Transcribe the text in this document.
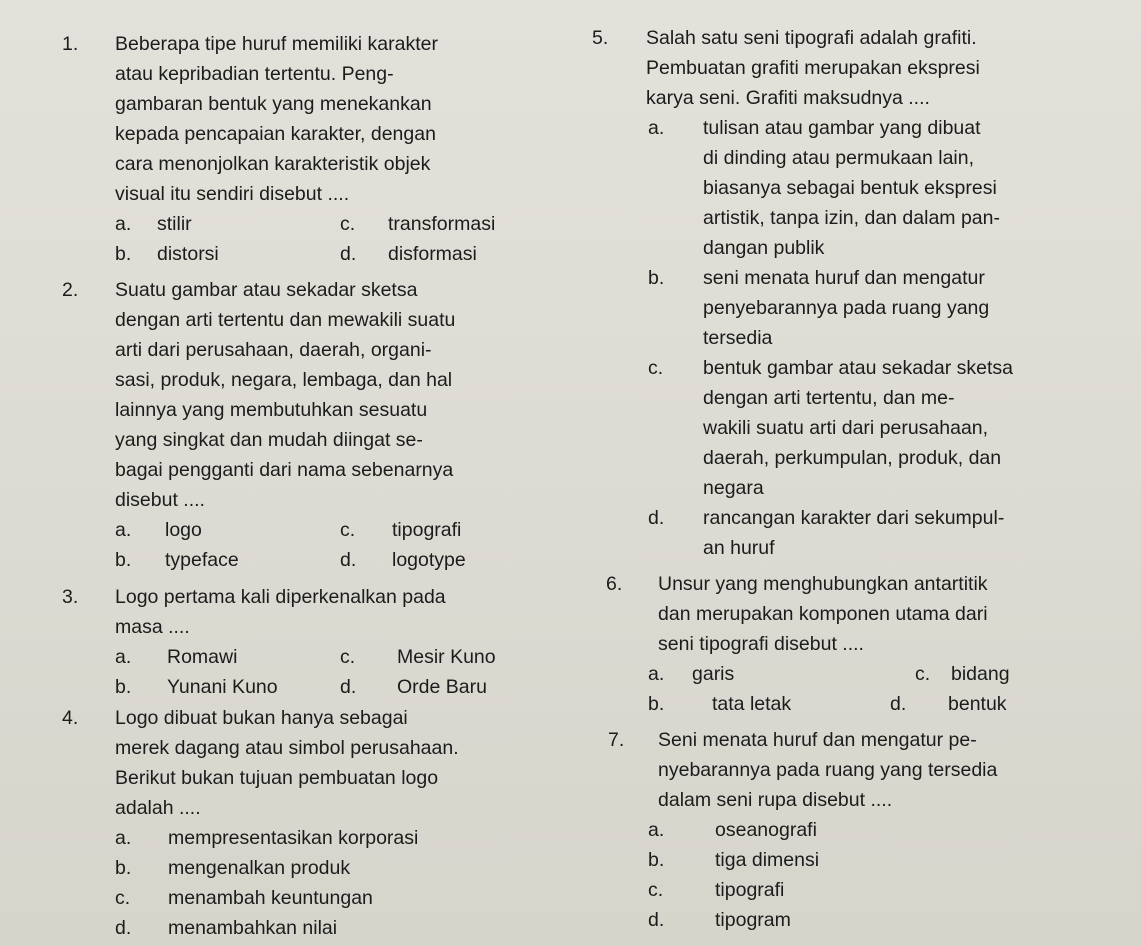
1. Beberapa tipe huruf memiliki karakter
atau kepribadian tertentu. Peng-
gambaran bentuk yang menekankan
kepada pencapaian karakter, dengan
cara menonjolkan karakteristik objek
visual itu sendiri disebut ....
a. stilir	c. transformasi
b. distorsi	d. disformasi
2. Suatu gambar atau sekadar sketsa
dengan arti tertentu dan mewakili suatu
arti dari perusahaan, daerah, organi-
sasi, produk, negara, lembaga, dan hal
lainnya yang membutuhkan sesuatu
yang singkat dan mudah diingat se-
bagai pengganti dari nama sebenarnya
disebut ....
a. logo	c. tipografi
b. typeface	d. logotype
3. Logo pertama kali diperkenalkan pada
masa ....
a. Romawi	c. Mesir Kuno
b. Yunani Kuno	d. Orde Baru
4. Logo dibuat bukan hanya sebagai
merek dagang atau simbol perusahaan.
Berikut bukan tujuan pembuatan logo
adalah ....
a. mempresentasikan korporasi
b. mengenalkan produk
c. menambah keuntungan
d. menambahkan nilai
5. Salah satu seni tipografi adalah grafiti.
Pembuatan grafiti merupakan ekspresi
karya seni. Grafiti maksudnya ....
a. tulisan atau gambar yang dibuat
di dinding atau permukaan lain,
biasanya sebagai bentuk ekspresi
artistik, tanpa izin, dan dalam pan-
dangan publik
b. seni menata huruf dan mengatur
penyebarannya pada ruang yang
tersedia
c. bentuk gambar atau sekadar sketsa
dengan arti tertentu, dan me-
wakili suatu arti dari perusahaan,
daerah, perkumpulan, produk, dan
negara
d. rancangan karakter dari sekumpul-
an huruf
6. Unsur yang menghubungkan antartitik
dan merupakan komponen utama dari
seni tipografi disebut ....
a. garis	c. bidang
b. tata letak	d. bentuk
7. Seni menata huruf dan mengatur pe-
nyebarannya pada ruang yang tersedia
dalam seni rupa disebut ....
a.	oseanografi
b.	tiga dimensi
c.	tipografi
d.	tipogram
